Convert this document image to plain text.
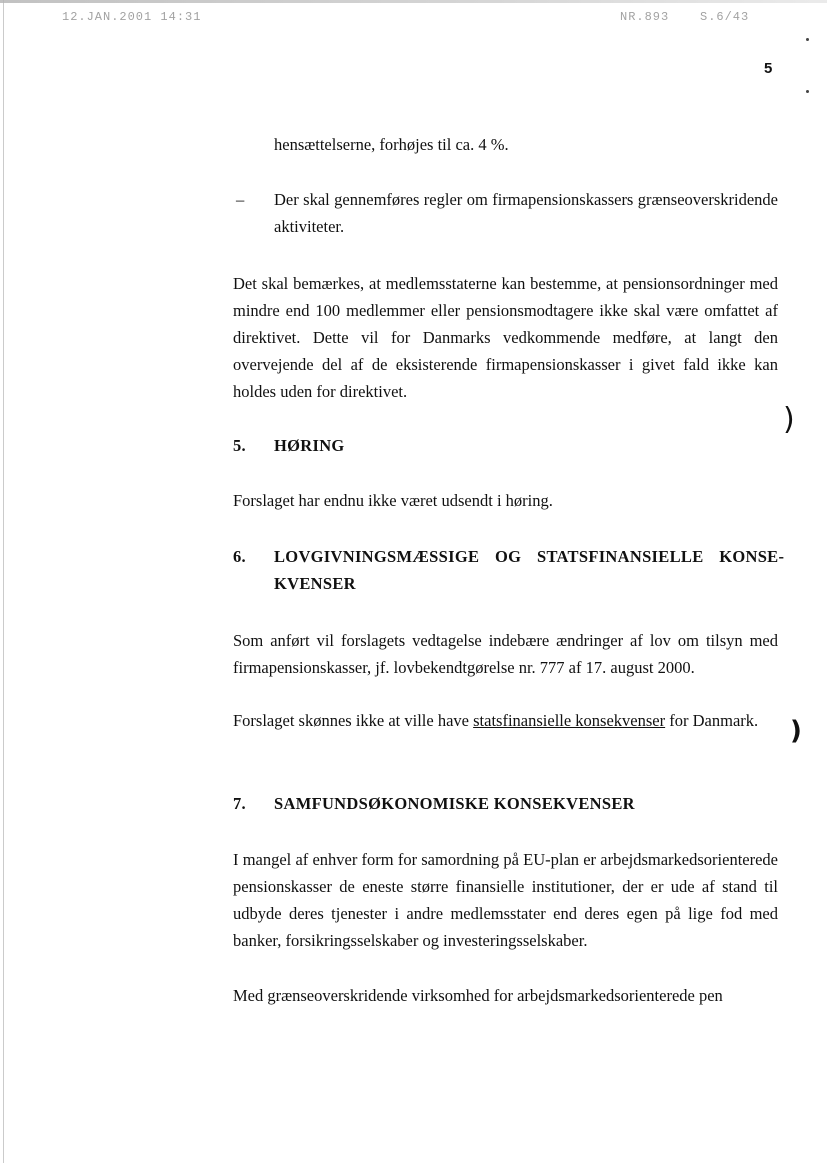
12.JAN.2001 14:31	NR.893	S.6/43
5
hensættelserne, forhøjes til ca. 4 %.
– Der skal gennemføres regler om firmapensionskassers grænseoverskridende aktiviteter.
Det skal bemærkes, at medlemsstaterne kan bestemme, at pensionsordninger med mindre end 100 medlemmer eller pensionsmodtagere ikke skal være omfattet af direktivet. Dette vil for Danmarks vedkommende medføre, at langt den overvejende del af de eksisterende firmapensionskasser i givet fald ikke kan holdes uden for direktivet.
5. HØRING
Forslaget har endnu ikke været udsendt i høring.
6. LOVGIVNINGSMÆSSIGE OG STATSFINANSIELLE KONSEKVENSER
Som anført vil forslagets vedtagelse indebære ændringer af lov om tilsyn med firmapensionskasser, jf. lovbekendtgørelse nr. 777 af 17. august 2000.
Forslaget skønnes ikke at ville have statsfinansielle konsekvenser for Danmark.
7. SAMFUNDSØKONOMISKE KONSEKVENSER
I mangel af enhver form for samordning på EU-plan er arbejdsmarkedsorienterede pensionskasser de eneste større finansielle institutioner, der er ude af stand til udbyde deres tjenester i andre medlemsstater end deres egen på lige fod med banker, forsikringsselskaber og investeringsselskaber.
Med grænseoverskridende virksomhed for arbejdsmarkedsorienterede pen
)
)
